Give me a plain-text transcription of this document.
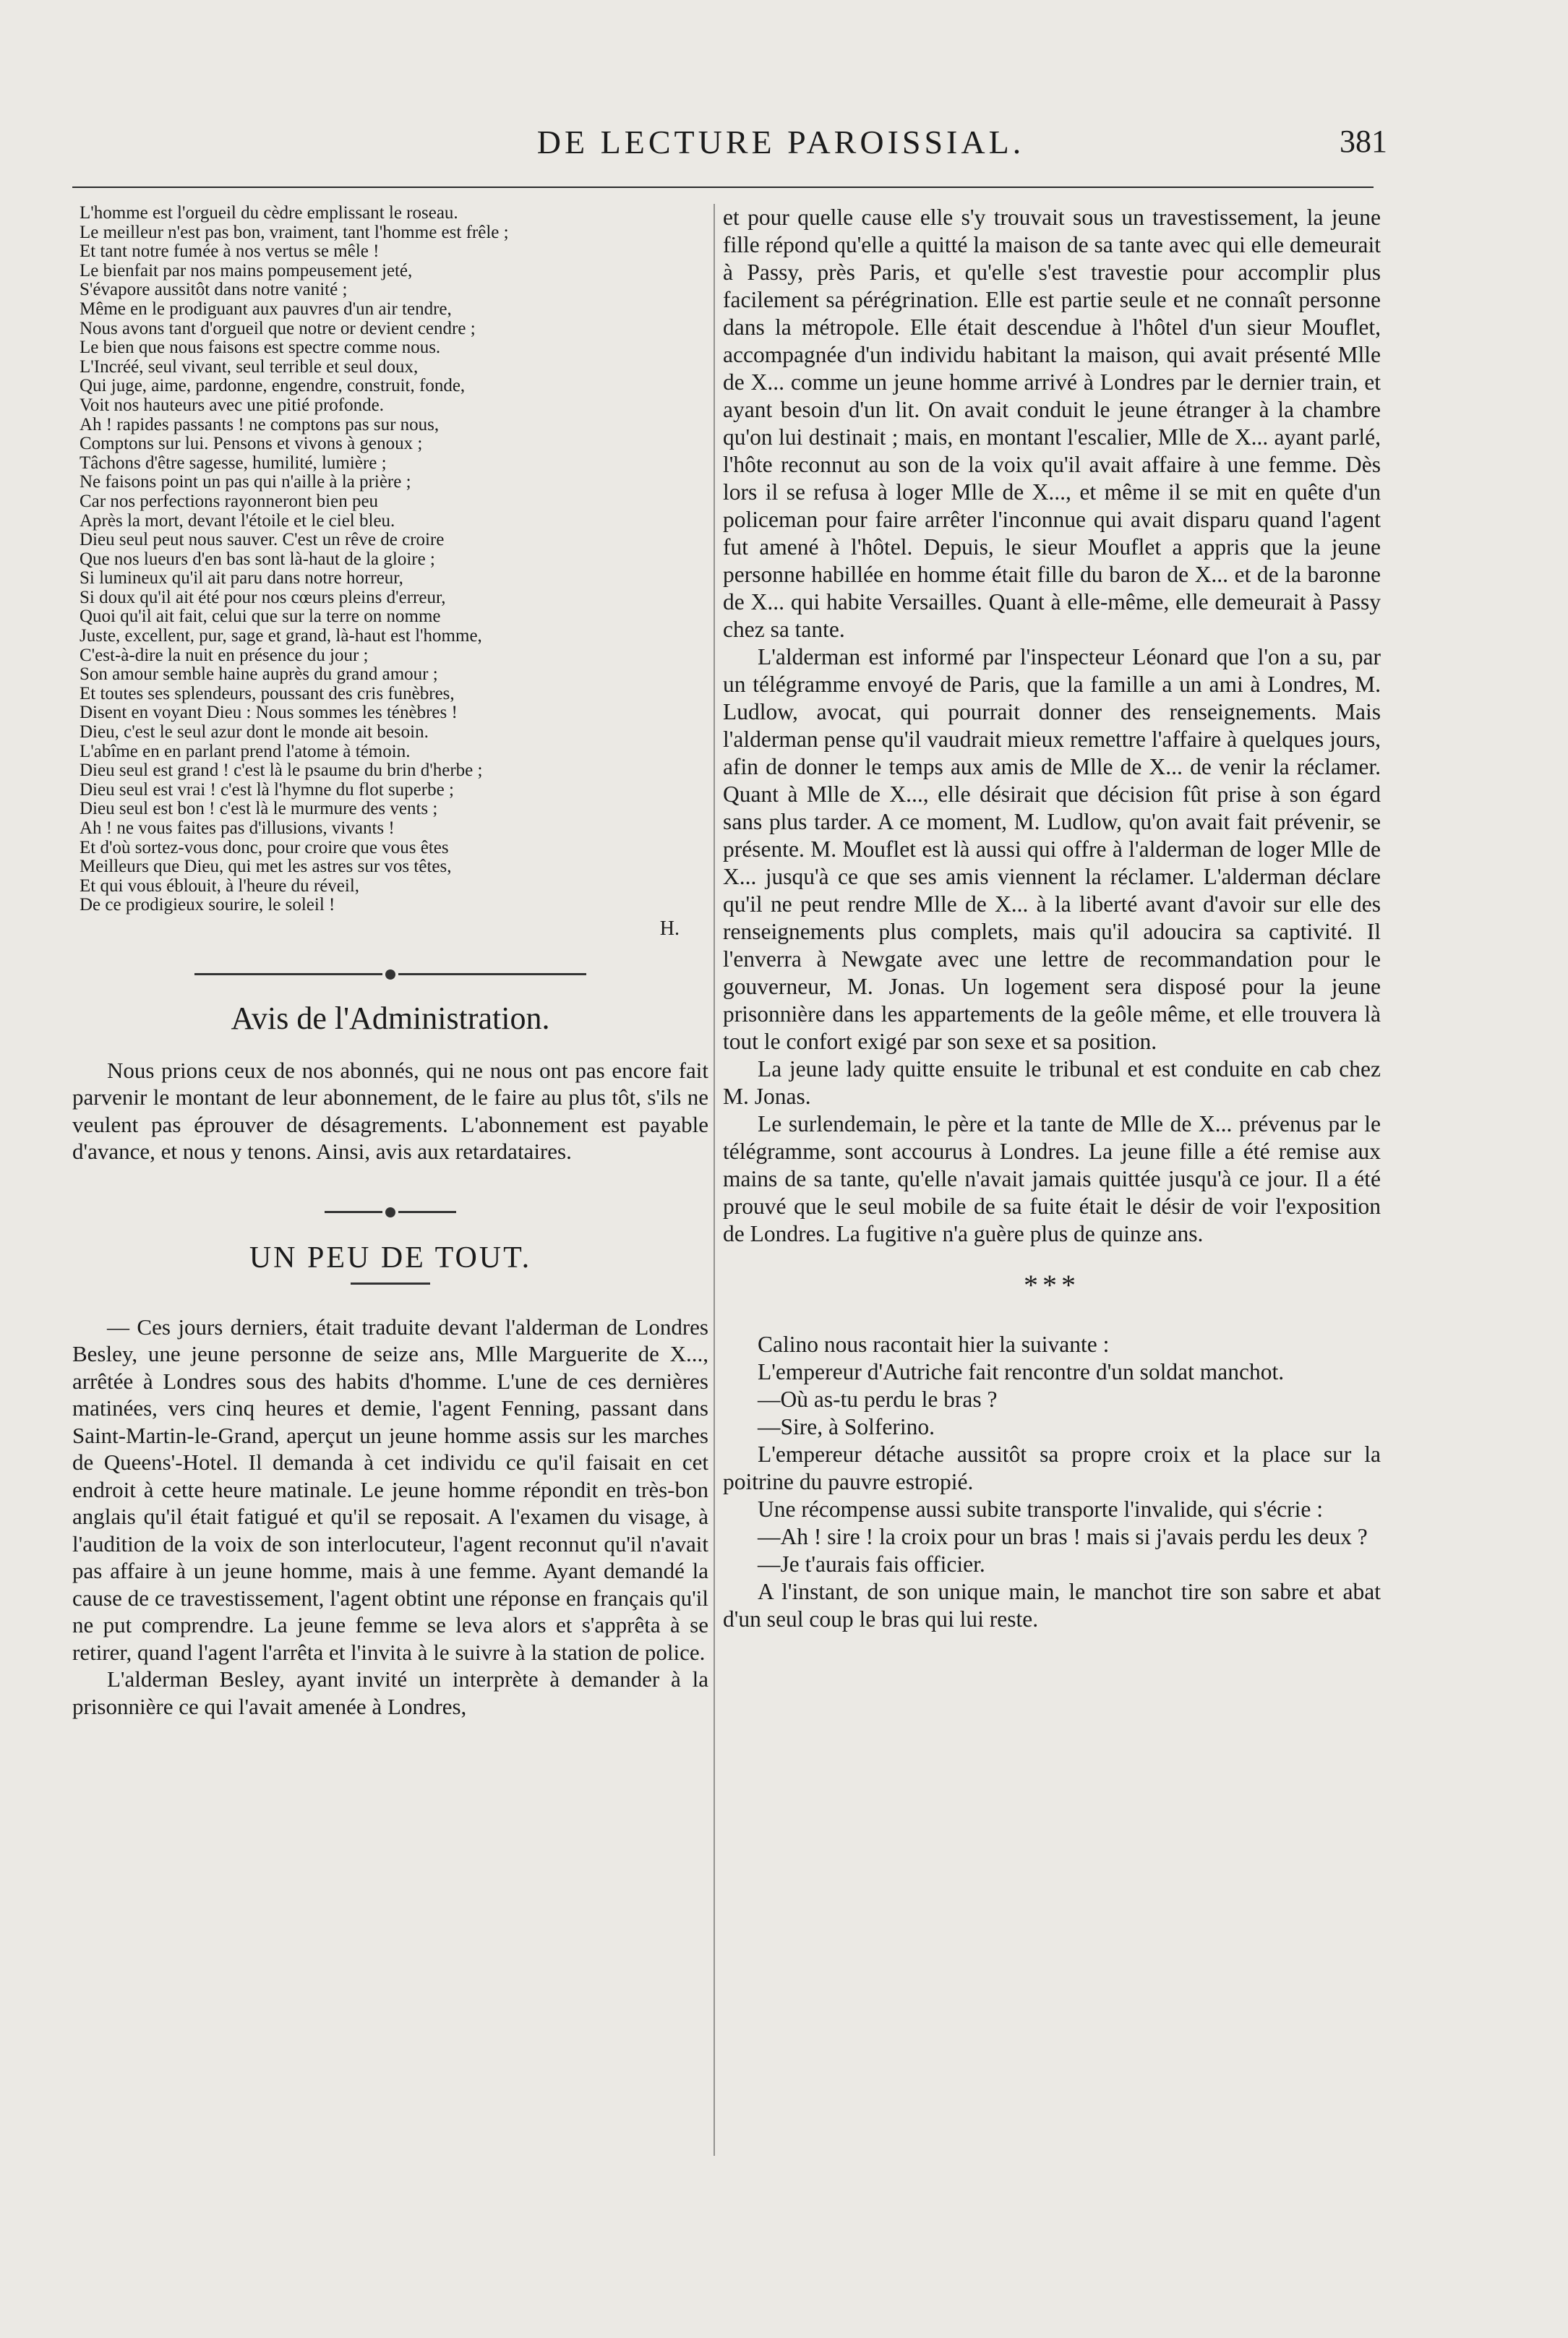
DE LECTURE PAROISSIAL.	381
L'homme est l'orgueil du cèdre emplissant le roseau.
Le meilleur n'est pas bon, vraiment, tant l'homme est frêle ;
Et tant notre fumée à nos vertus se mêle !
Le bienfait par nos mains pompeusement jeté,
S'évapore aussitôt dans notre vanité ;
Même en le prodiguant aux pauvres d'un air tendre,
Nous avons tant d'orgueil que notre or devient cendre ;
Le bien que nous faisons est spectre comme nous.
L'Incréé, seul vivant, seul terrible et seul doux,
Qui juge, aime, pardonne, engendre, construit, fonde,
Voit nos hauteurs avec une pitié profonde.
Ah ! rapides passants ! ne comptons pas sur nous,
Comptons sur lui. Pensons et vivons à genoux ;
Tâchons d'être sagesse, humilité, lumière ;
Ne faisons point un pas qui n'aille à la prière ;
Car nos perfections rayonneront bien peu
Après la mort, devant l'étoile et le ciel bleu.
Dieu seul peut nous sauver. C'est un rêve de croire
Que nos lueurs d'en bas sont là-haut de la gloire ;
Si lumineux qu'il ait paru dans notre horreur,
Si doux qu'il ait été pour nos cœurs pleins d'erreur,
Quoi qu'il ait fait, celui que sur la terre on nomme
Juste, excellent, pur, sage et grand, là-haut est l'homme,
C'est-à-dire la nuit en présence du jour ;
Son amour semble haine auprès du grand amour ;
Et toutes ses splendeurs, poussant des cris funèbres,
Disent en voyant Dieu : Nous sommes les ténèbres !
Dieu, c'est le seul azur dont le monde ait besoin.
L'abîme en en parlant prend l'atome à témoin.
Dieu seul est grand ! c'est là le psaume du brin d'herbe ;
Dieu seul est vrai ! c'est là l'hymne du flot superbe ;
Dieu seul est bon ! c'est là le murmure des vents ;
Ah ! ne vous faites pas d'illusions, vivants !
Et d'où sortez-vous donc, pour croire que vous êtes
Meilleurs que Dieu, qui met les astres sur vos têtes,
Et qui vous éblouit, à l'heure du réveil,
De ce prodigieux sourire, le soleil !
H.
Avis de l'Administration.

Nous prions ceux de nos abonnés, qui ne nous ont pas encore fait parvenir le montant de leur abonnement, de le faire au plus tôt, s'ils ne veulent pas éprouver de désagrements. L'abonnement est payable d'avance, et nous y tenons. Ainsi, avis aux retardataires.

UN PEU DE TOUT.

— Ces jours derniers, était traduite devant l'alderman de Londres Besley, une jeune personne de seize ans, Mlle Marguerite de X..., arrêtée à Londres sous des habits d'homme. L'une de ces dernières matinées, vers cinq heures et demie, l'agent Fenning, passant dans Saint-Martin-le-Grand, aperçut un jeune homme assis sur les marches de Queens'-Hotel. Il demanda à cet individu ce qu'il faisait en cet endroit à cette heure matinale. Le jeune homme répondit en très-bon anglais qu'il était fatigué et qu'il se reposait. A l'examen du visage, à l'audition de la voix de son interlocuteur, l'agent reconnut qu'il n'avait pas affaire à un jeune homme, mais à une femme. Ayant demandé la cause de ce travestissement, l'agent obtint une réponse en français qu'il ne put comprendre. La jeune femme se leva alors et s'apprêta à se retirer, quand l'agent l'arrêta et l'invita à le suivre à la station de police.

L'alderman Besley, ayant invité un interprète à demander à la prisonnière ce qui l'avait amenée à Londres,

et pour quelle cause elle s'y trouvait sous un travestissement, la jeune fille répond qu'elle a quitté la maison de sa tante avec qui elle demeurait à Passy, près Paris, et qu'elle s'est travestie pour accomplir plus facilement sa pérégrination. Elle est partie seule et ne connaît personne dans la métropole. Elle était descendue à l'hôtel d'un sieur Mouflet, accompagnée d'un individu habitant la maison, qui avait présenté Mlle de X... comme un jeune homme arrivé à Londres par le dernier train, et ayant besoin d'un lit. On avait conduit le jeune étranger à la chambre qu'on lui destinait ; mais, en montant l'escalier, Mlle de X... ayant parlé, l'hôte reconnut au son de la voix qu'il avait affaire à une femme. Dès lors il se refusa à loger Mlle de X..., et même il se mit en quête d'un policeman pour faire arrêter l'inconnue qui avait disparu quand l'agent fut amené à l'hôtel. Depuis, le sieur Mouflet a appris que la jeune personne habillée en homme était fille du baron de X... et de la baronne de X... qui habite Versailles. Quant à elle-même, elle demeurait à Passy chez sa tante.

L'alderman est informé par l'inspecteur Léonard que l'on a su, par un télégramme envoyé de Paris, que la famille a un ami à Londres, M. Ludlow, avocat, qui pourrait donner des renseignements. Mais l'alderman pense qu'il vaudrait mieux remettre l'affaire à quelques jours, afin de donner le temps aux amis de Mlle de X... de venir la réclamer. Quant à Mlle de X..., elle désirait que décision fût prise à son égard sans plus tarder. A ce moment, M. Ludlow, qu'on avait fait prévenir, se présente. M. Mouflet est là aussi qui offre à l'alderman de loger Mlle de X... jusqu'à ce que ses amis viennent la réclamer. L'alderman déclare qu'il ne peut rendre Mlle de X... à la liberté avant d'avoir sur elle des renseignements plus complets, mais qu'il adoucira sa captivité. Il l'enverra à Newgate avec une lettre de recommandation pour le gouverneur, M. Jonas. Un logement sera disposé pour la jeune prisonnière dans les appartements de la geôle même, et elle trouvera là tout le confort exigé par son sexe et sa position.

La jeune lady quitte ensuite le tribunal et est conduite en cab chez M. Jonas.

Le surlendemain, le père et la tante de Mlle de X... prévenus par le télégramme, sont accourus à Londres. La jeune fille a été remise aux mains de sa tante, qu'elle n'avait jamais quittée jusqu'à ce jour. Il a été prouvé que le seul mobile de sa fuite était le désir de voir l'exposition de Londres. La fugitive n'a guère plus de quinze ans.

***

Calino nous racontait hier la suivante :

L'empereur d'Autriche fait rencontre d'un soldat manchot.

—Où as-tu perdu le bras ?

—Sire, à Solferino.

L'empereur détache aussitôt sa propre croix et la place sur la poitrine du pauvre estropié.

Une récompense aussi subite transporte l'invalide, qui s'écrie :

—Ah ! sire ! la croix pour un bras ! mais si j'avais perdu les deux ?

—Je t'aurais fais officier.

A l'instant, de son unique main, le manchot tire son sabre et abat d'un seul coup le bras qui lui reste.
